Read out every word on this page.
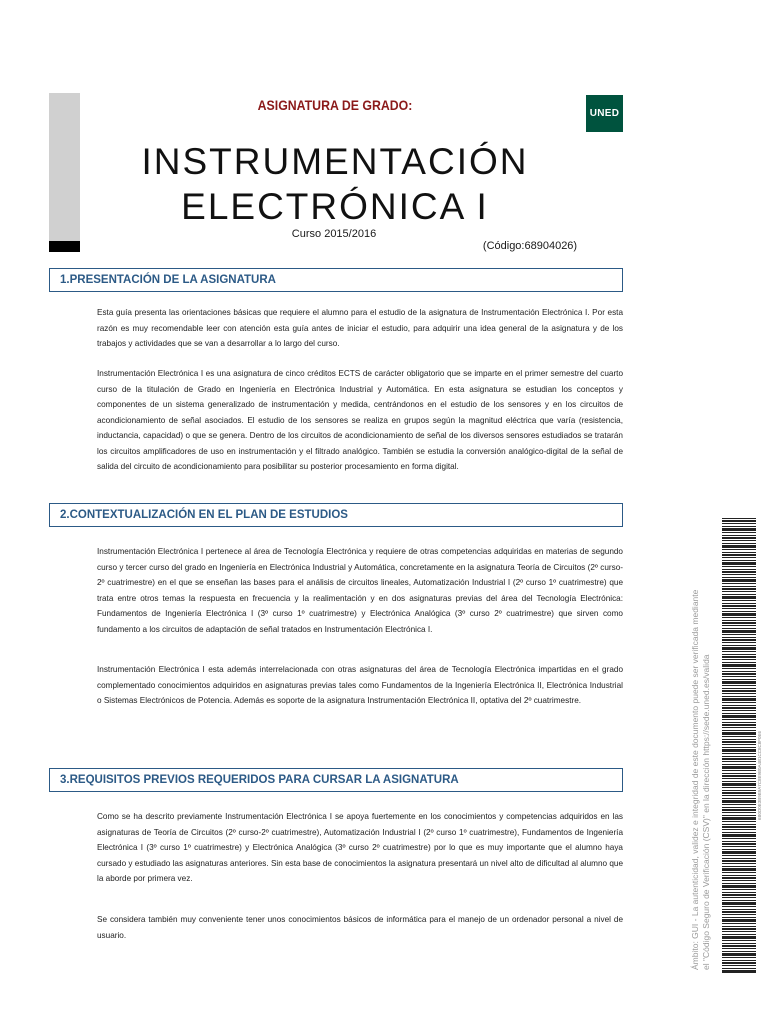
ASIGNATURA DE GRADO:
UNED
INSTRUMENTACIÓN
ELECTRÓNICA I
Curso 2015/2016
(Código:68904026)
1.PRESENTACIÓN DE LA ASIGNATURA

Esta guía presenta las orientaciones básicas que requiere el alumno para el estudio de la asignatura de Instrumentación Electrónica I. Por esta razón es muy recomendable leer con atención esta guía antes de iniciar el estudio, para adquirir una idea general de la asignatura y de los trabajos y actividades que se van a desarrollar a lo largo del curso.

Instrumentación Electrónica I es una asignatura de cinco créditos ECTS de carácter obligatorio que se imparte en el primer semestre del cuarto curso de la titulación de Grado en Ingeniería en Electrónica Industrial y Automática. En esta asignatura se estudian los conceptos y componentes de un sistema generalizado de instrumentación y medida, centrándonos en el estudio de los sensores y en los circuitos de acondicionamiento de señal asociados. El estudio de los sensores se realiza en grupos según la magnitud eléctrica que varía (resistencia, inductancia, capacidad) o que se genera. Dentro de los circuitos de acondicionamiento de señal de los diversos sensores estudiados se tratarán los circuitos amplificadores de uso en instrumentación y el filtrado analógico. También se estudia la conversión analógico-digital de la señal de salida del circuito de acondicionamiento para posibilitar su posterior procesamiento en forma digital.

2.CONTEXTUALIZACIÓN EN EL PLAN DE ESTUDIOS

Instrumentación Electrónica I pertenece al área de Tecnología Electrónica y requiere de otras competencias adquiridas en materias de segundo curso y tercer curso del grado en Ingeniería en Electrónica Industrial y Automática, concretamente en la asignatura Teoría de Circuitos (2º curso-2º cuatrimestre) en el que se enseñan las bases para el análisis de circuitos lineales, Automatización Industrial I (2º curso 1º cuatrimestre) que trata entre otros temas la respuesta en frecuencia y la realimentación y en dos asignaturas previas del área del Tecnología Electrónica: Fundamentos de Ingeniería Electrónica I (3º curso 1º cuatrimestre) y Electrónica Analógica (3º curso 2º cuatrimestre) que sirven como fundamento a los circuitos de adaptación de señal tratados en Instrumentación Electrónica I.

Instrumentación Electrónica I esta además interrelacionada con otras asignaturas del área de Tecnología Electrónica impartidas en el grado complementado conocimientos adquiridos en asignaturas previas tales como Fundamentos de la Ingeniería Electrónica II, Electrónica Industrial o Sistemas Electrónicos de Potencia. Además es soporte de la asignatura Instrumentación Electrónica II, optativa del 2º cuatrimestre.

3.REQUISITOS PREVIOS REQUERIDOS PARA CURSAR LA ASIGNATURA

Como se ha descrito previamente Instrumentación Electrónica I se apoya fuertemente en los conocimientos y competencias adquiridos en las asignaturas de Teoría de Circuitos (2º curso-2º cuatrimestre), Automatización Industrial I (2º curso 1º cuatrimestre), Fundamentos de Ingeniería Electrónica I (3º curso 1º cuatrimestre) y Electrónica Analógica (3º curso 2º cuatrimestre) por lo que es muy importante que el alumno haya cursado y estudiado las asignaturas anteriores. Sin esta base de conocimientos la asignatura presentará un nivel alto de dificultad al alumno que la aborde por primera vez.

Se considera también muy conveniente tener unos conocimientos básicos de informática para el manejo de un ordenador personal a nivel de usuario.	Ámbito: GUI - La autenticidad, validez e integridad de este documento puede ser verificada mediante el "Código Seguro de Verificación (CSV)" en la dirección https://sede.uned.es/valida	6B0D0E3B9B9A7C8E9B0A4B1CC8C8F0E6
